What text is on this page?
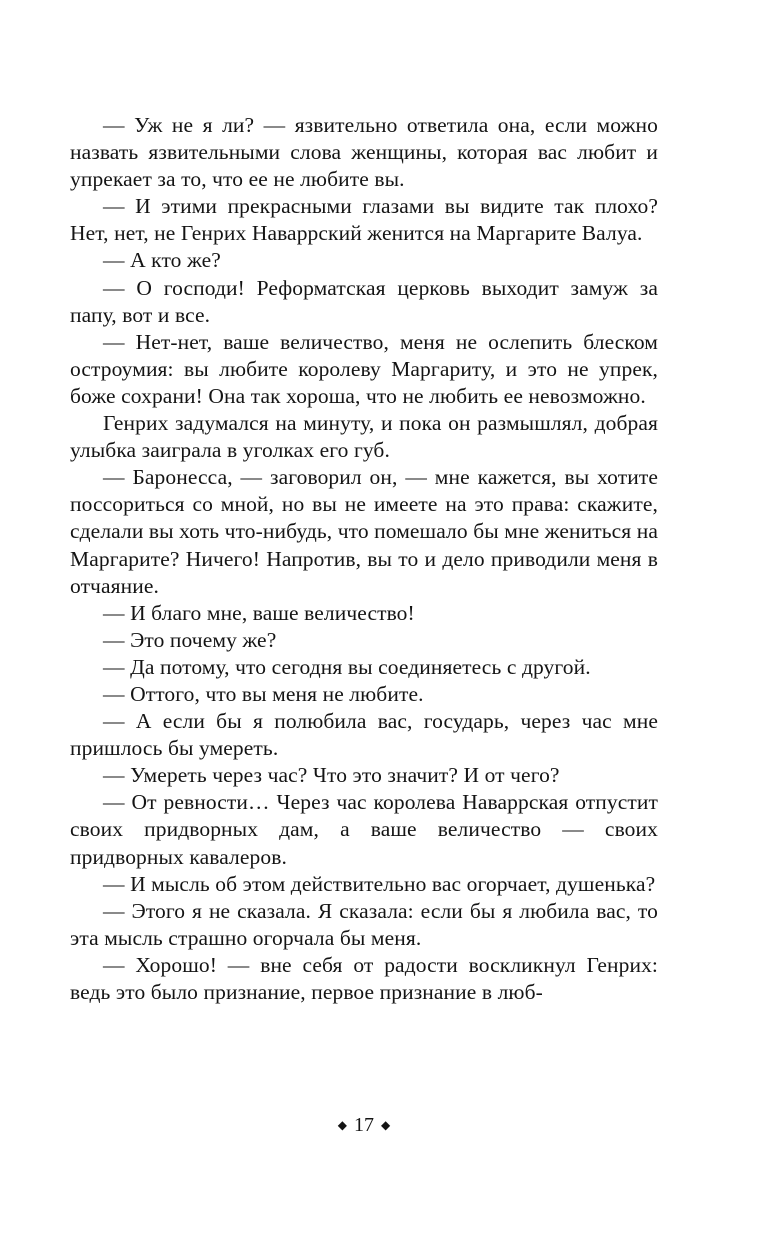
— Уж не я ли? — язвительно ответила она, если можно назвать язвительными слова женщины, которая вас любит и упрекает за то, что ее не любите вы.

— И этими прекрасными глазами вы видите так плохо? Нет, нет, не Генрих Наваррский женится на Маргарите Валуа.

— А кто же?

— О господи! Реформатская церковь выходит замуж за папу, вот и все.

— Нет-нет, ваше величество, меня не ослепить блеском остроумия: вы любите королеву Маргариту, и это не упрек, боже сохрани! Она так хороша, что не любить ее невозможно.

Генрих задумался на минуту, и пока он размышлял, добрая улыбка заиграла в уголках его губ.

— Баронесса, — заговорил он, — мне кажется, вы хотите поссориться со мной, но вы не имеете на это права: скажите, сделали вы хоть что-нибудь, что помешало бы мне жениться на Маргарите? Ничего! Напротив, вы то и дело приводили меня в отчаяние.

— И благо мне, ваше величество!

— Это почему же?

— Да потому, что сегодня вы соединяетесь с другой.

— Оттого, что вы меня не любите.

— А если бы я полюбила вас, государь, через час мне пришлось бы умереть.

— Умереть через час? Что это значит? И от чего?

— От ревности… Через час королева Наваррская отпустит своих придворных дам, а ваше величество — своих придворных кавалеров.

— И мысль об этом действительно вас огорчает, душенька?

— Этого я не сказала. Я сказала: если бы я любила вас, то эта мысль страшно огорчала бы меня.

— Хорошо! — вне себя от радости воскликнул Генрих: ведь это было признание, первое признание в люб-

◆ 17 ◆
